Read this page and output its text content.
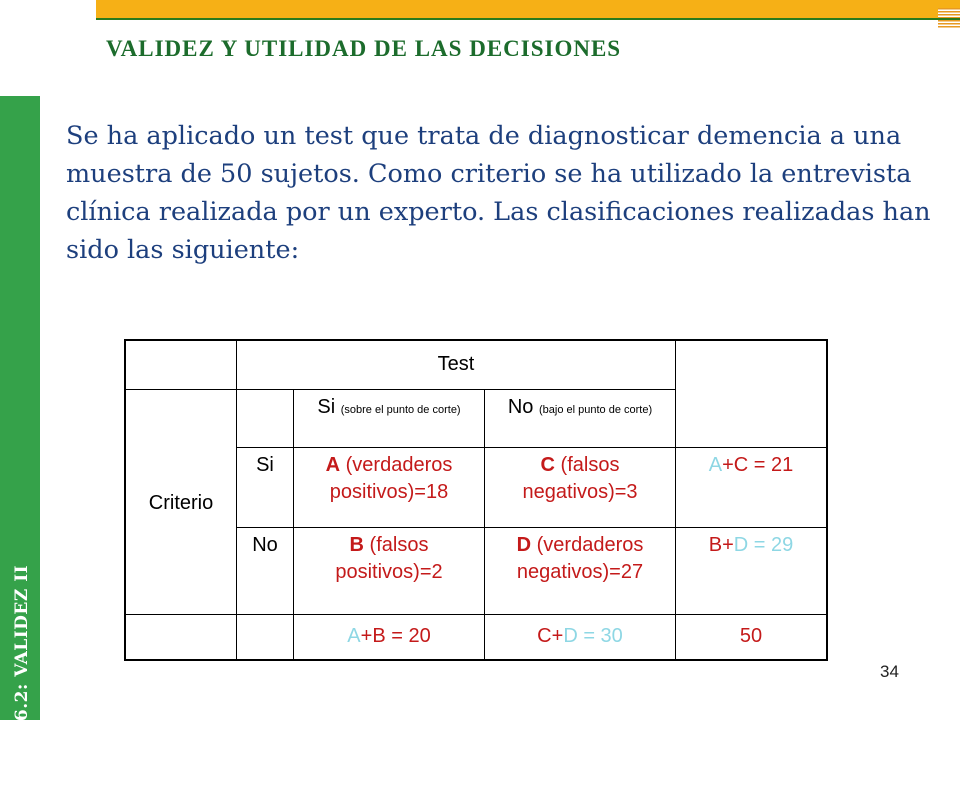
TEMA 6.2: VALIDEZ II
VALIDEZ Y UTILIDAD DE LAS DECISIONES

Se ha aplicado un test que trata de diagnosticar demencia a una muestra de 50 sujetos. Como criterio se ha utilizado la entrevista clínica realizada por un experto. Las clasificaciones realizadas han sido las siguiente:

	Test			
Criterio		Si (sobre el punto de corte)	No (bajo el punto de corte)	
	Si	A (verdaderos positivos)=18	C (falsos negativos)=3	A+C = 21
	No	B (falsos positivos)=2	D (verdaderos negativos)=27	B+D = 29
		A+B = 20	C+D = 30	50
34
